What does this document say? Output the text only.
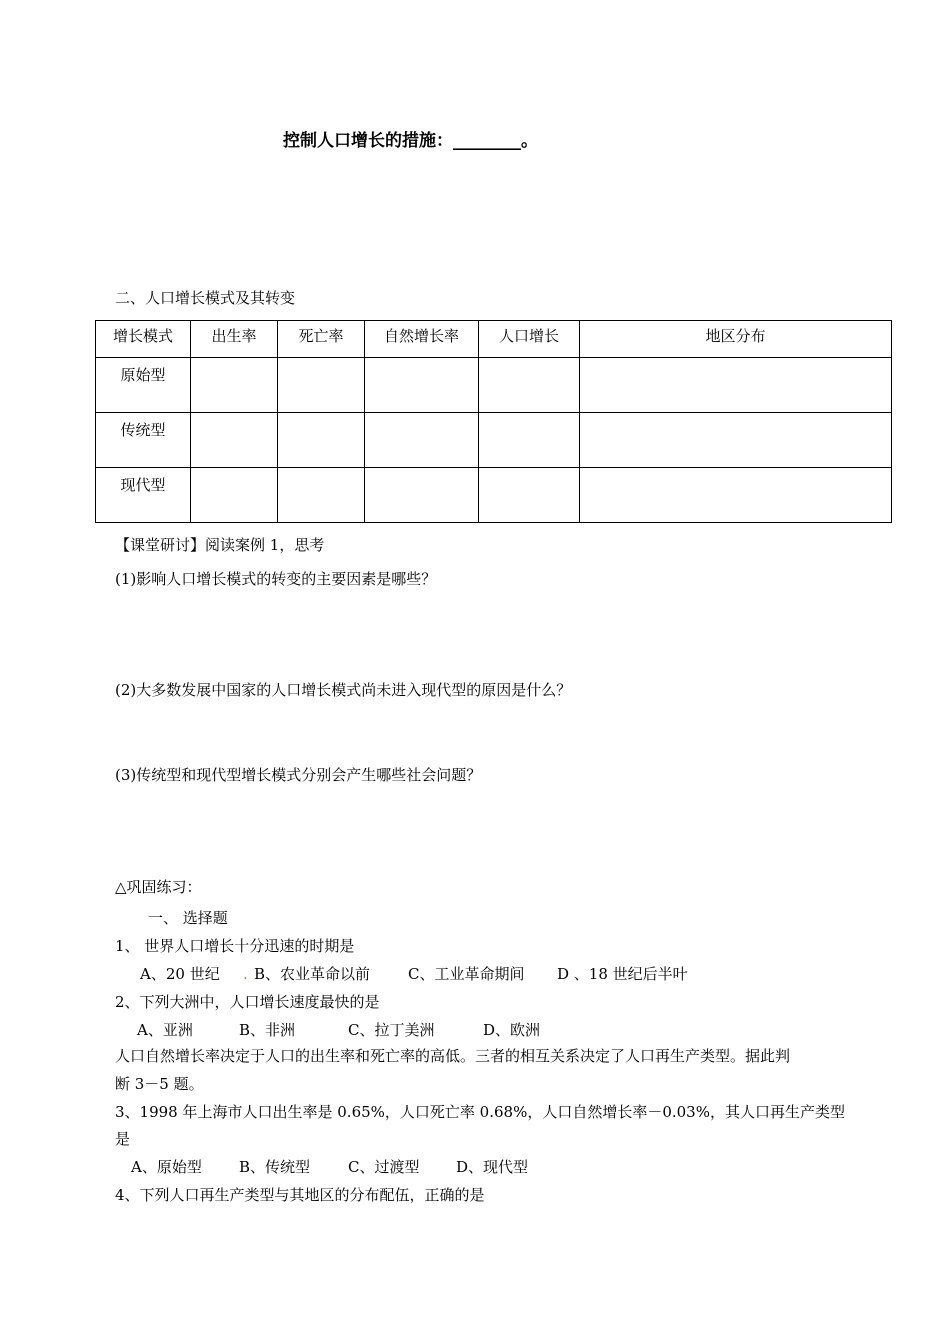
控制人口增长的措施：________。
二、人口增长模式及其转变
增长模式	出生率	死亡率	自然增长率	人口增长	地区分布
原始型					
传统型					
现代型					
【课堂研讨】阅读案例 1，思考
(1)影响人口增长模式的转变的主要因素是哪些？
(2)大多数发展中国家的人口增长模式尚未进入现代型的原因是什么？
(3)传统型和现代型增长模式分别会产生哪些社会问题？
△巩固练习：
一、 选择题
1、 世界人口增长十分迅速的时期是
A、20 世纪 . B、农业革命以前	C、工业革命期间 D 、18 世纪后半叶
2、下列大洲中，人口增长速度最快的是
A、亚洲	B、非洲	C、拉丁美洲	D、欧洲
人口自然增长率决定于人口的出生率和死亡率的高低。三者的相互关系决定了人口再生产类型。据此判
断 3－5 题。
3、1998 年上海市人口出生率是 0.65%，人口死亡率 0.68%，人口自然增长率－0.03%，其人口再生产类型
是
A、原始型 B、传统型	C、过渡型 D、现代型
4、下列人口再生产类型与其地区的分布配伍，正确的是
